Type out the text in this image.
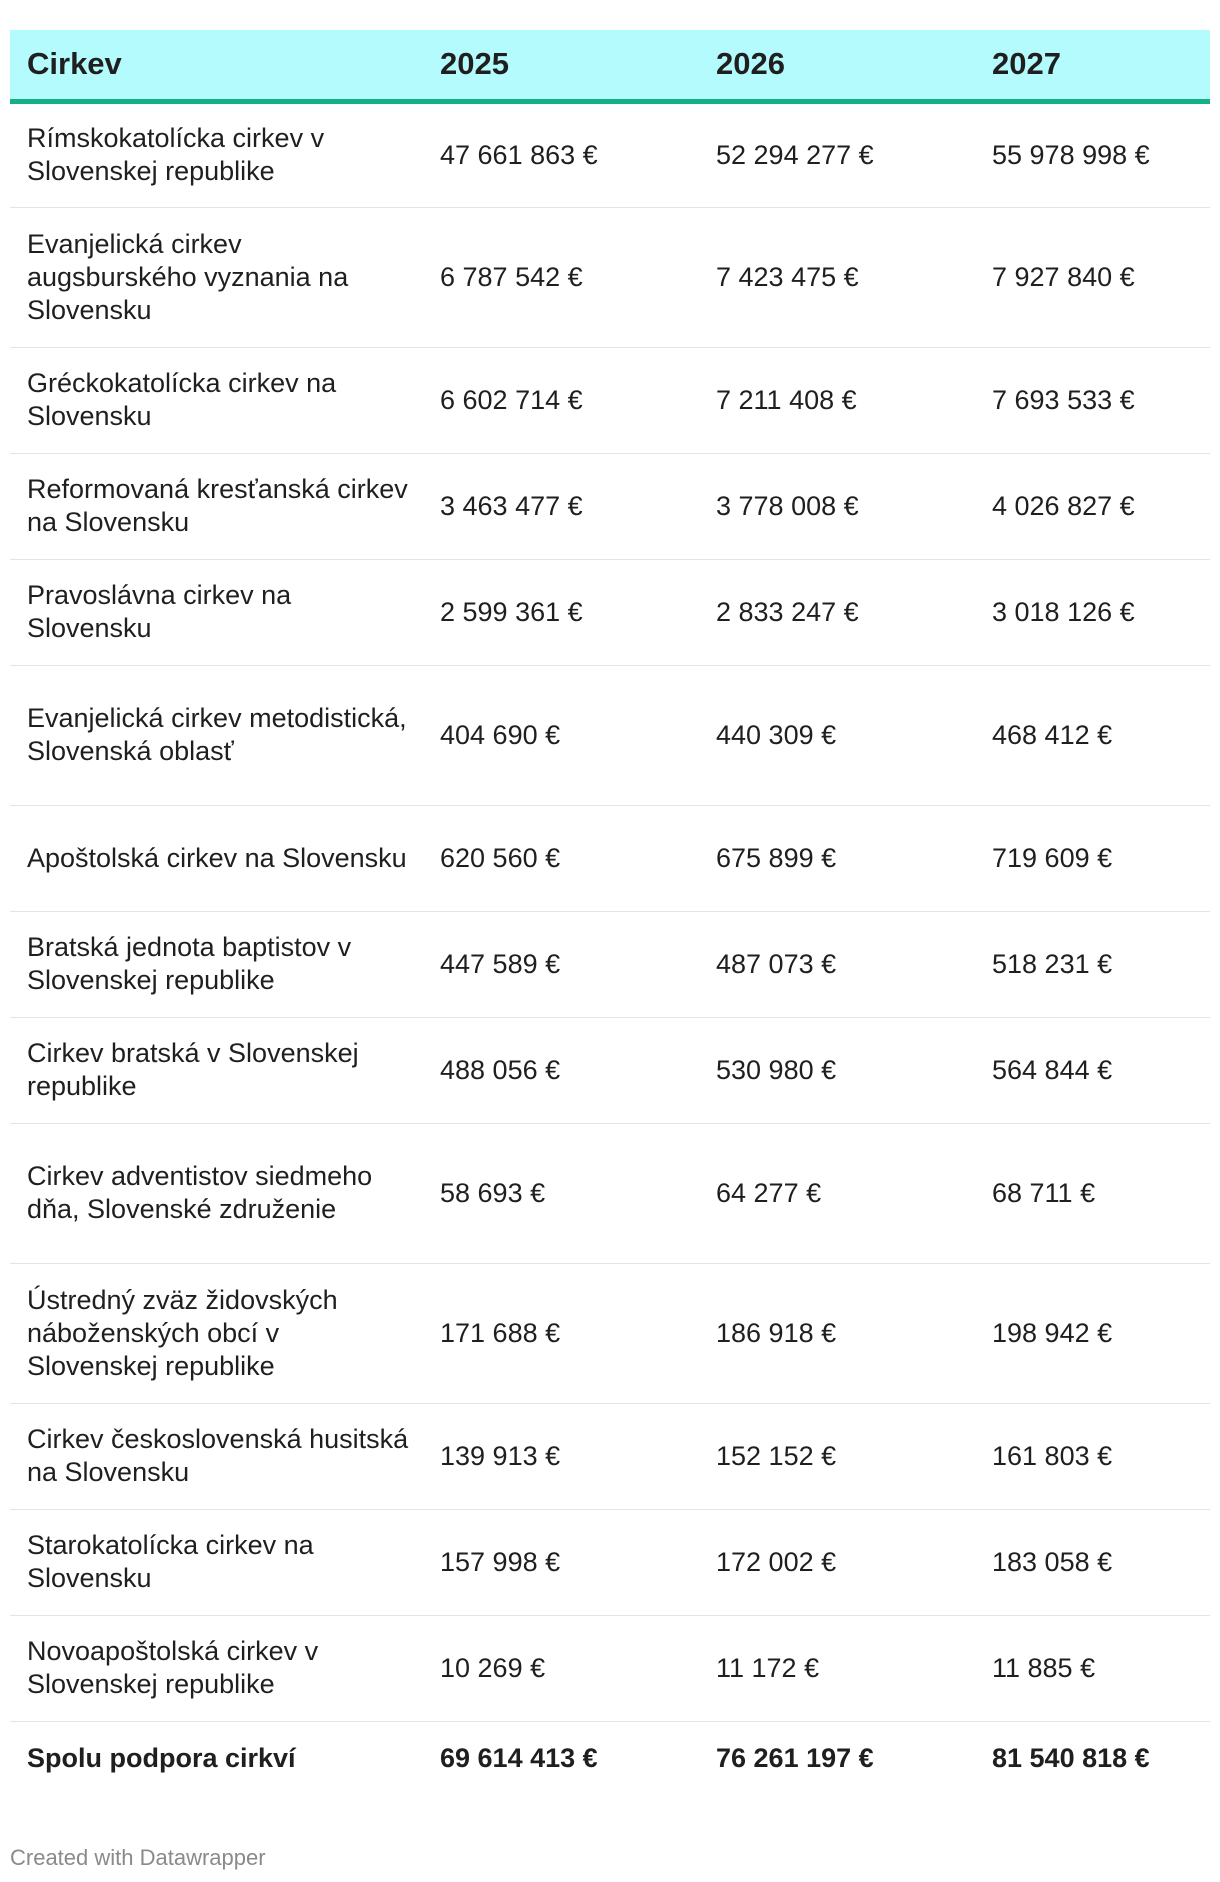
Cirkev	2025	2026	2027
Rímskokatolícka cirkev v Slovenskej republike	47 661 863 €	52 294 277 €	55 978 998 €
Evanjelická cirkev augsburského vyznania na Slovensku	6 787 542 €	7 423 475 €	7 927 840 €
Gréckokatolícka cirkev na Slovensku	6 602 714 €	7 211 408 €	7 693 533 €
Reformovaná kresťanská cirkev na Slovensku	3 463 477 €	3 778 008 €	4 026 827 €
Pravoslávna cirkev na Slovensku	2 599 361 €	2 833 247 €	3 018 126 €
Evanjelická cirkev metodistická, Slovenská oblasť	404 690 €	440 309 €	468 412 €
Apoštolská cirkev na Slovensku	620 560 €	675 899 €	719 609 €
Bratská jednota baptistov v Slovenskej republike	447 589 €	487 073 €	518 231 €
Cirkev bratská v Slovenskej republike	488 056 €	530 980 €	564 844 €
Cirkev adventistov siedmeho dňa, Slovenské združenie	58 693 €	64 277 €	68 711 €
Ústredný zväz židovských náboženských obcí v Slovenskej republike	171 688 €	186 918 €	198 942 €
Cirkev československá husitská na Slovensku	139 913 €	152 152 €	161 803 €
Starokatolícka cirkev na Slovensku	157 998 €	172 002 €	183 058 €
Novoapoštolská cirkev v Slovenskej republike	10 269 €	11 172 €	11 885 €
Spolu podpora cirkví	69 614 413 €	76 261 197 €	81 540 818 €
Created with Datawrapper
